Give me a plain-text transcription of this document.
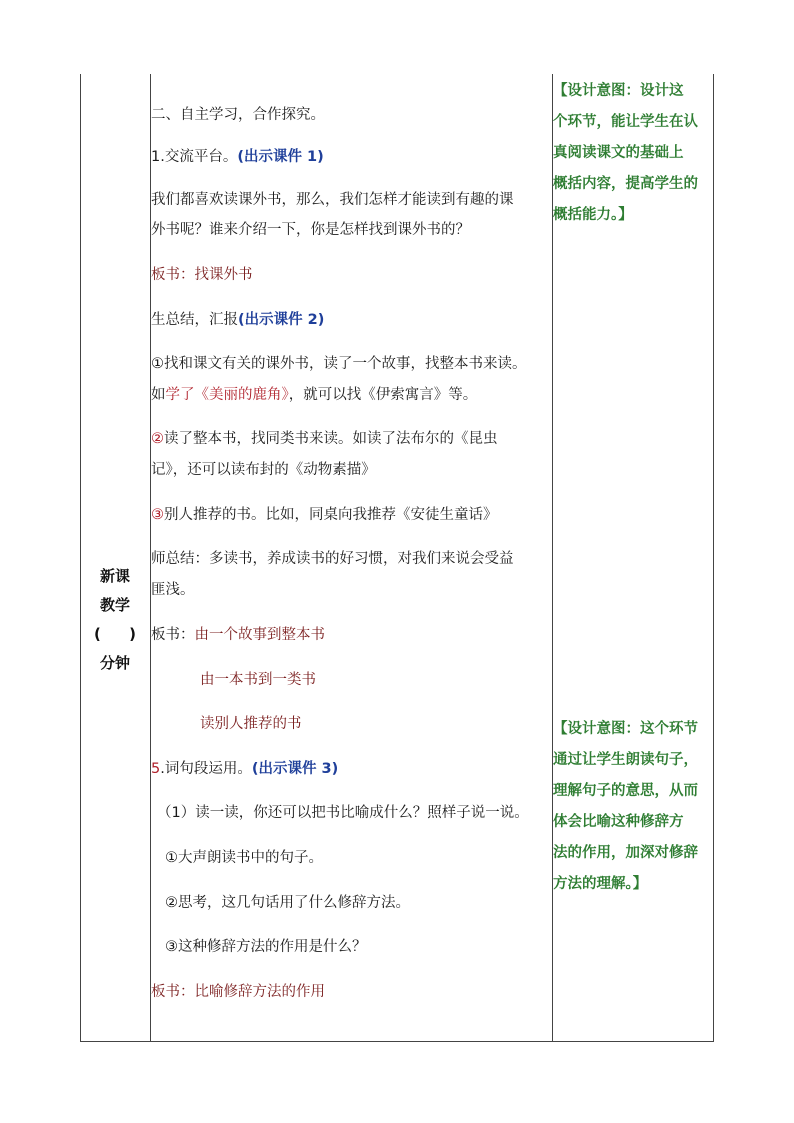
新课
教学
( )
分钟
二、自主学习，合作探究。
1.交流平台。(出示课件 1)
我们都喜欢读课外书，那么，我们怎样才能读到有趣的课
外书呢？谁来介绍一下，你是怎样找到课外书的？
板书：找课外书
生总结，汇报(出示课件 2)
①找和课文有关的课外书，读了一个故事，找整本书来读。
如学了《美丽的鹿角》，就可以找《伊索寓言》等。
②读了整本书，找同类书来读。如读了法布尔的《昆虫
记》，还可以读布封的《动物素描》
③别人推荐的书。比如，同桌向我推荐《安徒生童话》
师总结：多读书，养成读书的好习惯，对我们来说会受益
匪浅。
板书：由一个故事到整本书
由一本书到一类书
读别人推荐的书
5.词句段运用。(出示课件 3)
（1）读一读，你还可以把书比喻成什么？照样子说一说。
①大声朗读书中的句子。
②思考，这几句话用了什么修辞方法。
③这种修辞方法的作用是什么？
板书：比喻修辞方法的作用
【设计意图：设计这
个环节，能让学生在认
真阅读课文的基础上
概括内容，提高学生的
概括能力。】
【设计意图：这个环节
通过让学生朗读句子，
理解句子的意思，从而
体会比喻这种修辞方
法的作用，加深对修辞
方法的理解。】
